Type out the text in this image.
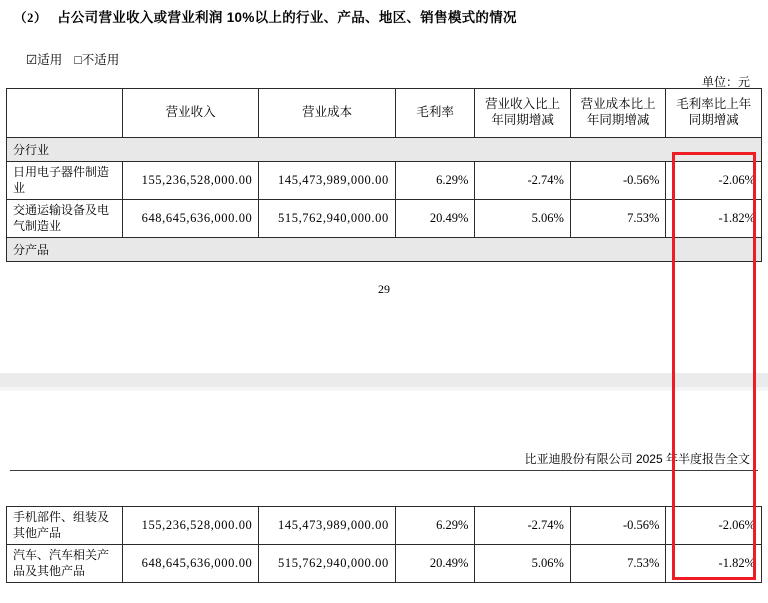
（2） 占公司营业收入或营业利润 10%以上的行业、产品、地区、销售模式的情况
☑适用 □不适用
单位：元
	营业收入	营业成本	毛利率	营业收入比上年同期增减	营业成本比上年同期增减	毛利率比上年同期增减
分行业						
日用电子器件制造业	155,236,528,000.00	145,473,989,000.00	6.29%	-2.74%	-0.56%	-2.06%
交通运输设备及电气制造业	648,645,636,000.00	515,762,940,000.00	20.49%	5.06%	7.53%	-1.82%
分产品						
29
比亚迪股份有限公司 2025 年半度报告全文
手机部件、组装及其他产品	155,236,528,000.00	145,473,989,000.00	6.29%	-2.74%	-0.56%	-2.06%
汽车、汽车相关产品及其他产品	648,645,636,000.00	515,762,940,000.00	20.49%	5.06%	7.53%	-1.82%
